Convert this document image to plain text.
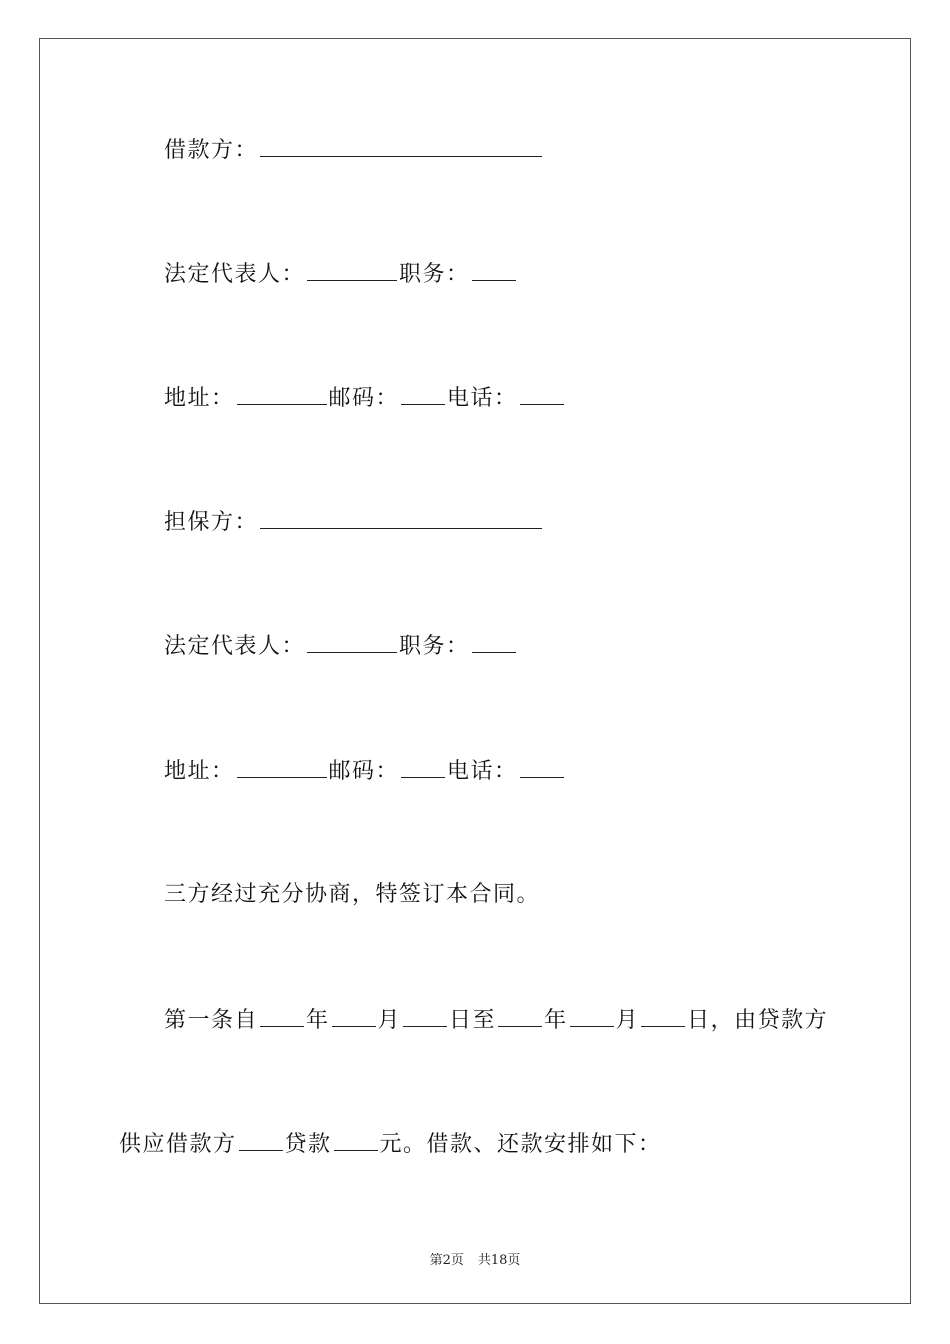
借款方：
法定代表人：	职务：
地址：	邮码： 电话：
担保方：
法定代表人：	职务：
地址：	邮码： 电话：
三方经过充分协商，特签订本合同。
第一条自 年 月 日至 年 月 日，由贷款方
供应借款方 贷款 元。借款、还款安排如下：
第2页 共18页
